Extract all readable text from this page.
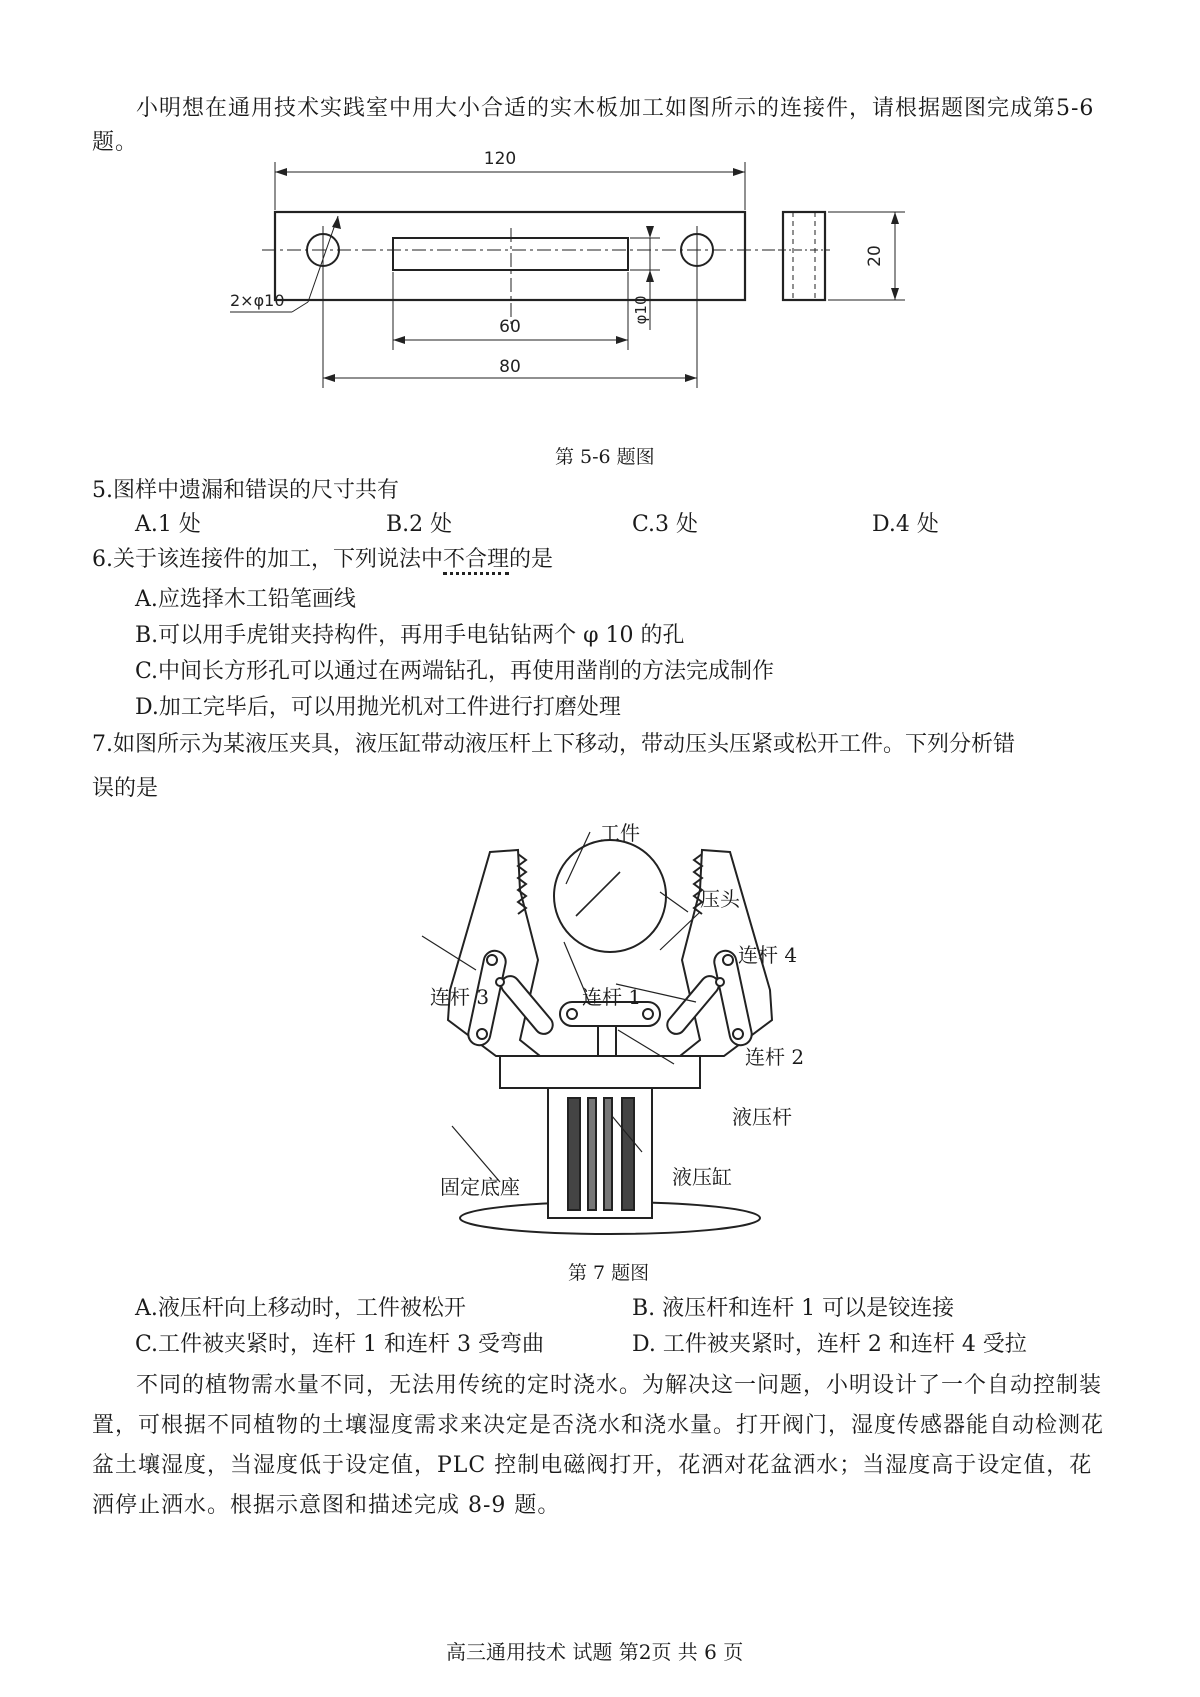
小明想在通用技术实践室中用大小合适的实木板加工如图所示的连接件，请根据题图完成第5-6题。
120
60
80
20
φ10
2×φ10
第 5-6 题图
5.图样中遗漏和错误的尺寸共有
A.1 处	B.2 处	C.3 处	D.4 处
6.关于该连接件的加工，下列说法中不合理的是
A.应选择木工铅笔画线
B.可以用手虎钳夹持构件，再用手电钻钻两个 φ 10 的孔
C.中间长方形孔可以通过在两端钻孔，再使用凿削的方法完成制作
D.加工完毕后，可以用抛光机对工件进行打磨处理
7.如图所示为某液压夹具，液压缸带动液压杆上下移动，带动压头压紧或松开工件。下列分析错
误的是
工件
压头
连杆 4
连杆 3	连杆 1
连杆 2
液压杆
液压缸
固定底座
第 7 题图
A.液压杆向上移动时，工件被松开	B. 液压杆和连杆 1 可以是铰连接
C.工件被夹紧时，连杆 1 和连杆 3 受弯曲	D. 工件被夹紧时，连杆 2 和连杆 4 受拉
不同的植物需水量不同，无法用传统的定时浇水。为解决这一问题，小明设计了一个自动控制装置，可根据不同植物的土壤湿度需求来决定是否浇水和浇水量。打开阀门，湿度传感器能自动检测花盆土壤湿度，当湿度低于设定值，PLC 控制电磁阀打开，花洒对花盆洒水；当湿度高于设定值，花洒停止洒水。根据示意图和描述完成 8-9 题。
高三通用技术 试题 第2页 共 6 页
